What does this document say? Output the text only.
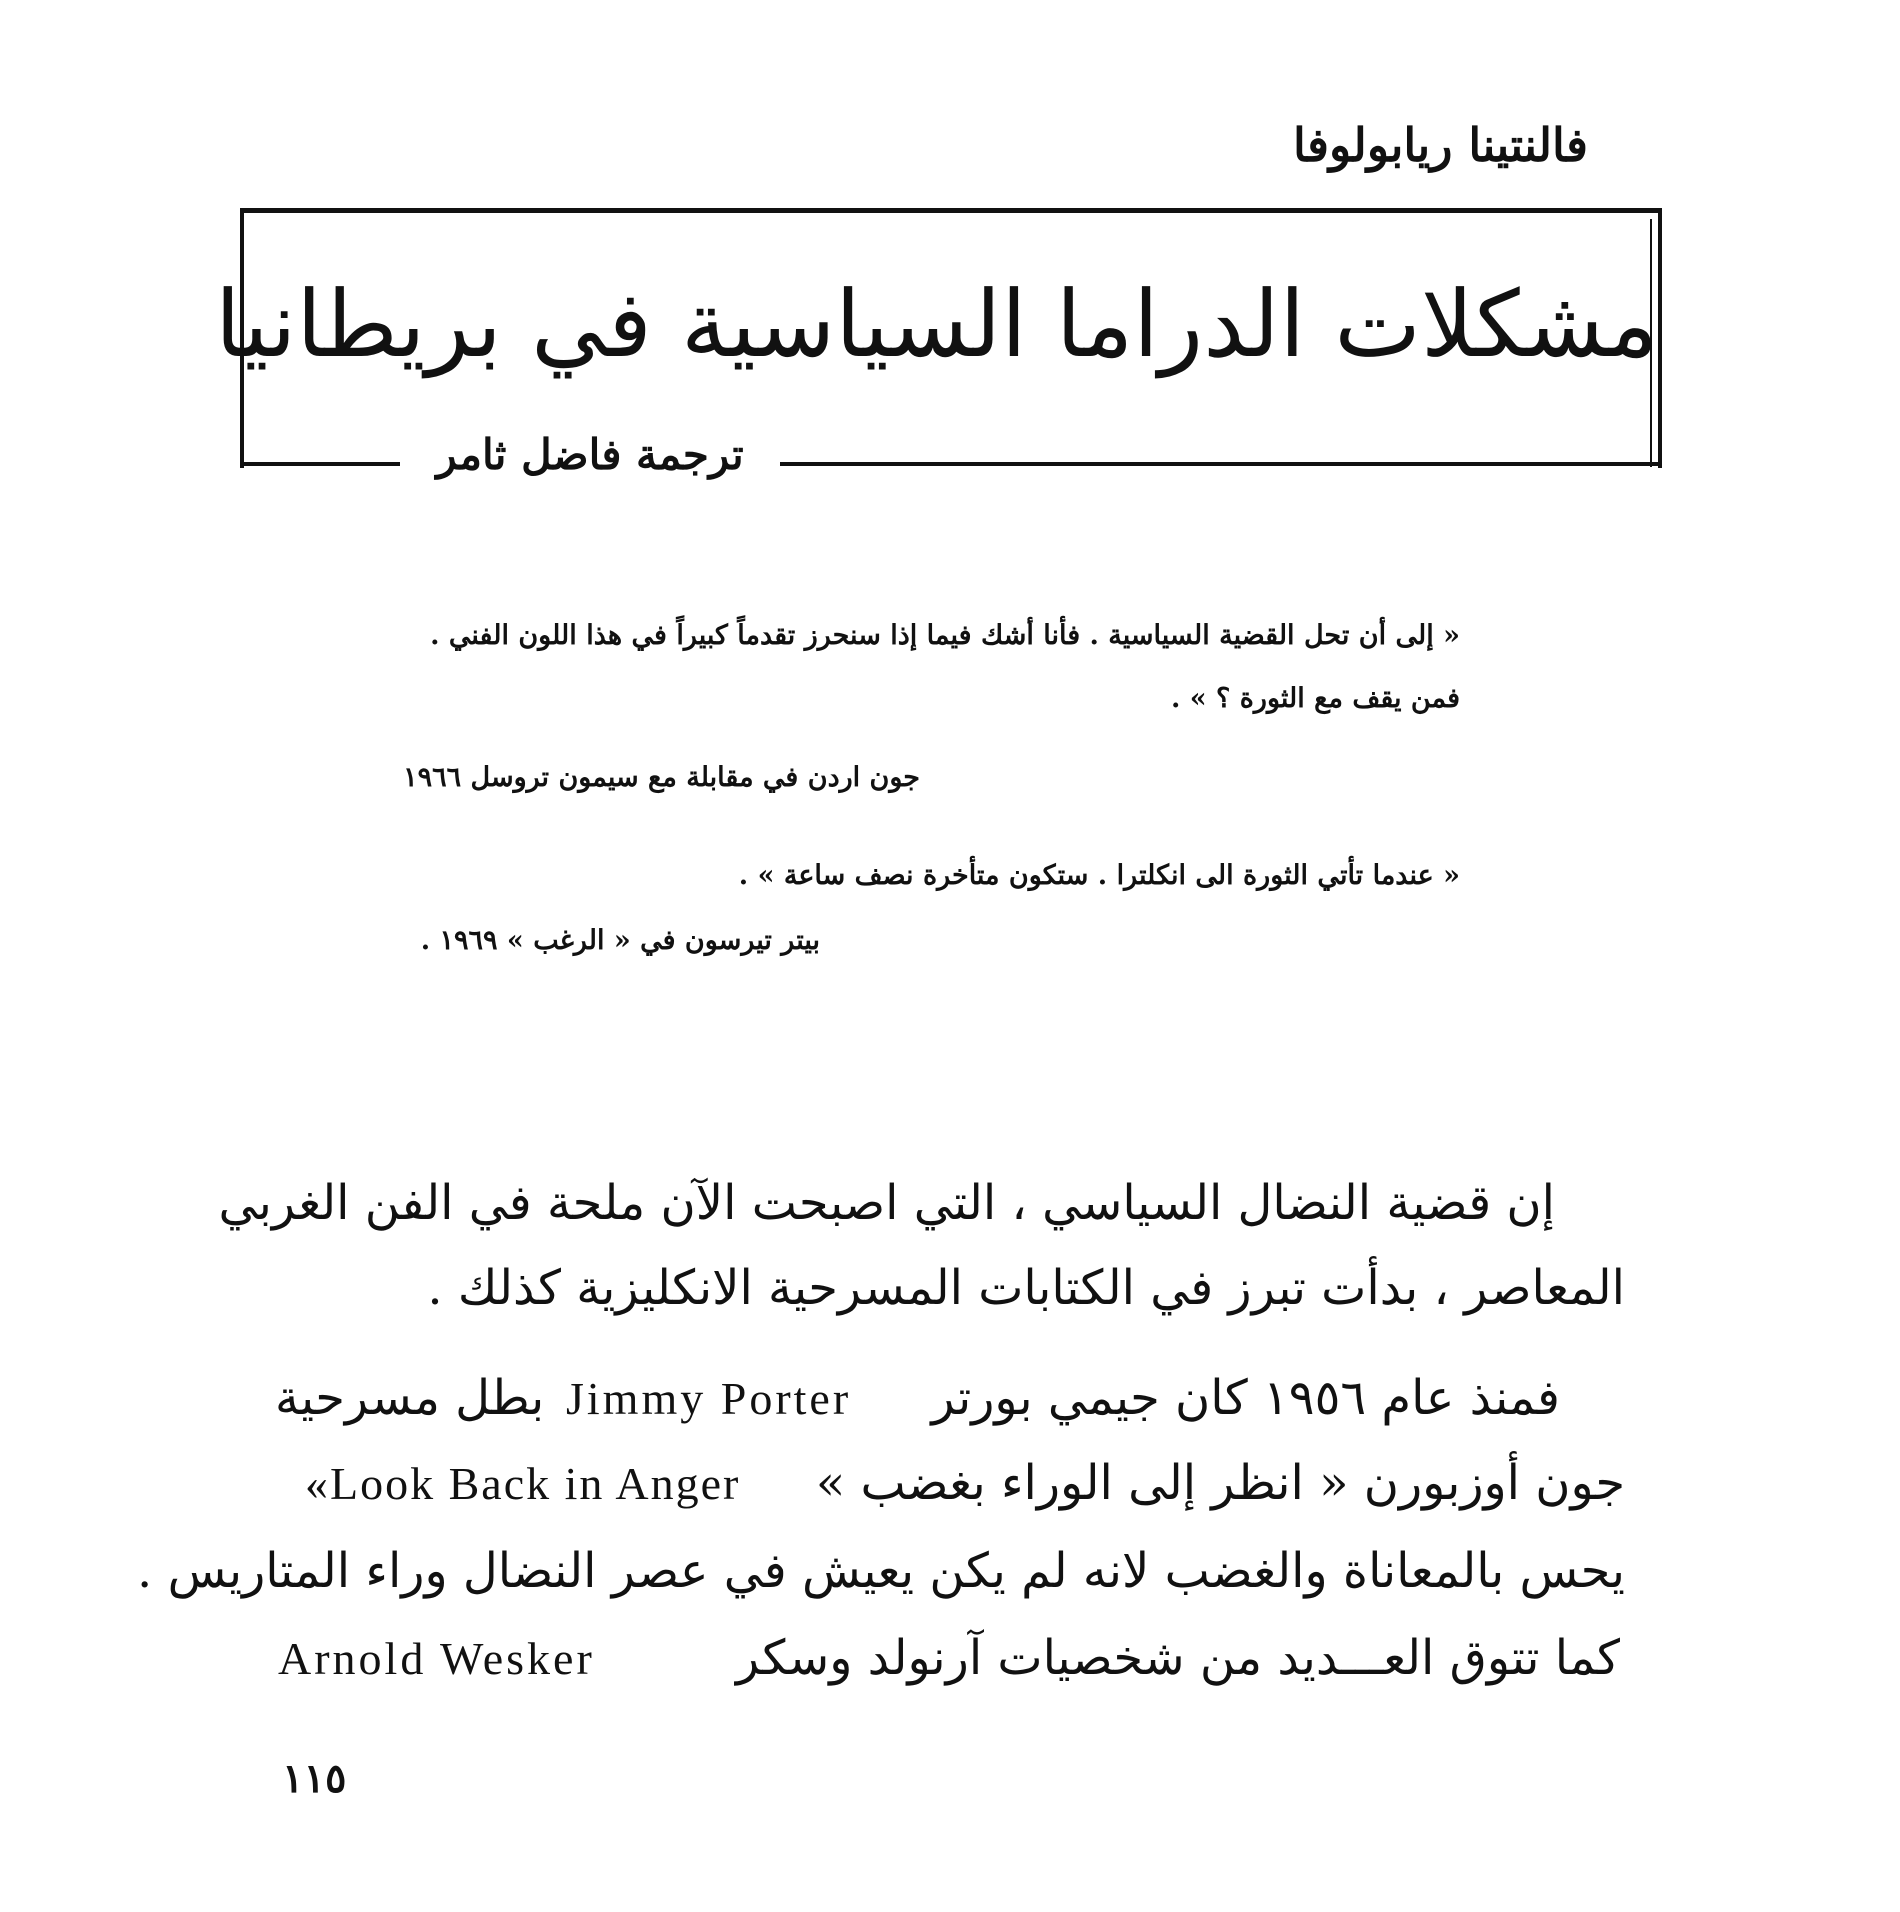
فالنتينا ريابولوفا
مشكلات الدراما السياسية في بريطانيا
ترجمة فاضل ثامر
« إلى أن تحل القضية السياسية . فأنا أشك فيما إذا سنحرز تقدماً كبيراً في هذا اللون الفني .
فمن يقف مع الثورة ؟ » .
جون اردن في مقابلة مع سيمون تروسل ١٩٦٦
« عندما تأتي الثورة الى انكلترا . ستكون متأخرة نصف ساعة » .
بيتر تيرسون في « الرغب » ١٩٦٩ .
إن قضية النضال السياسي ، التي اصبحت الآن ملحة في الفن الغربي
المعاصر ، بدأت تبرز في الكتابات المسرحية الانكليزية كذلك .
فمنذ عام ١٩٥٦ كان جيمي بورتر
Jimmy Porter
بطل مسرحية
جون أوزبورن « انظر إلى الوراء بغضب »
«Look Back in Anger
يحس بالمعاناة والغضب لانه لم يكن يعيش في عصر النضال وراء المتاريس .
كما تتوق العـــديد من شخصيات آرنولد وسكر
Arnold Wesker
١١٥
